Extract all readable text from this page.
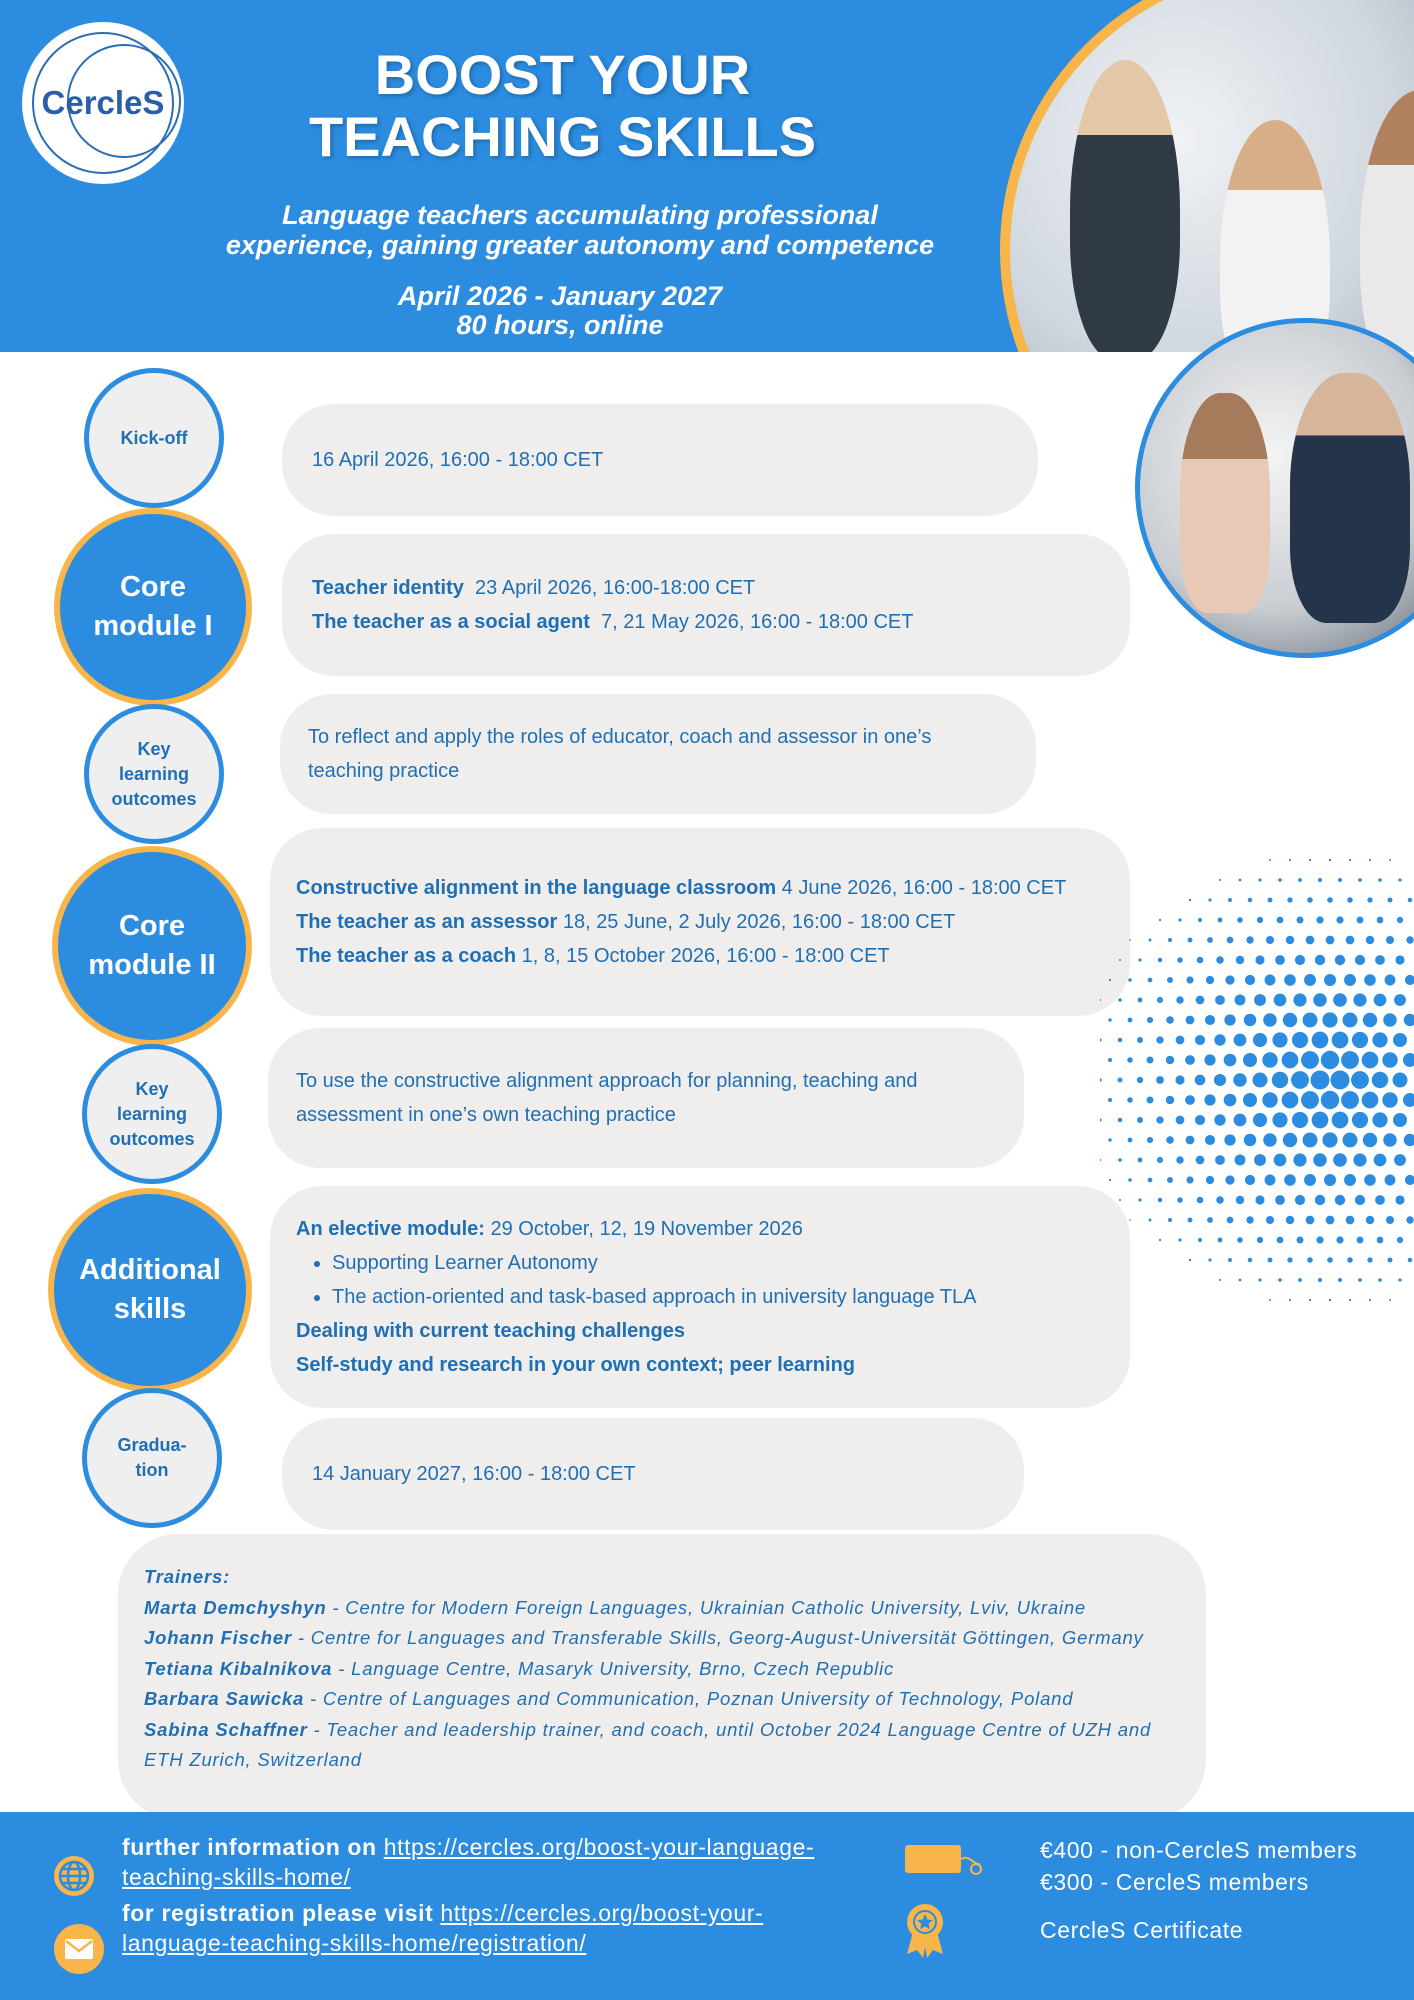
CercleS	BOOST YOUR
TEACHING SKILLS
Language teachers accumulating professional
experience, gaining greater autonomy and competence
April 2026 - January 2027
80 hours, online
Kick-off
16 April 2026, 16:00 - 18:00 CET
Core
module I
Teacher identity 23 April 2026, 16:00-18:00 CET
The teacher as a social agent 7, 21 May 2026, 16:00 - 18:00 CET
Key
learning
outcomes
To reflect and apply the roles of educator, coach and assessor in one’s teaching practice
Core
module II
Constructive alignment in the language classroom 4 June 2026, 16:00 - 18:00 CET
The teacher as an assessor 18, 25 June, 2 July 2026, 16:00 - 18:00 CET
The teacher as a coach 1, 8, 15 October 2026, 16:00 - 18:00 CET
Key
learning
outcomes
To use the constructive alignment approach for planning, teaching and assessment in one’s own teaching practice
Additional
skills
An elective module: 29 October, 12, 19 November 2026
• Supporting Learner Autonomy
• The action-oriented and task-based approach in university language TLA
Dealing with current teaching challenges
Self-study and research in your own context; peer learning
Gradua-
tion	14 January 2027, 16:00 - 18:00 CET
Trainers:
Marta Demchyshyn - Centre for Modern Foreign Languages, Ukrainian Catholic University, Lviv, Ukraine
Johann Fischer - Centre for Languages and Transferable Skills, Georg-August-Universität Göttingen, Germany
Tetiana Kibalnikova - Language Centre, Masaryk University, Brno, Czech Republic
Barbara Sawicka - Centre of Languages and Communication, Poznan University of Technology, Poland
Sabina Schaffner - Teacher and leadership trainer, and coach, until October 2024 Language Centre of UZH and ETH Zurich, Switzerland
further information on https://cercles.org/boost-your-language-
teaching-skills-home/
for registration please visit https://cercles.org/boost-your-
language-teaching-skills-home/registration/
€400 - non-CercleS members
€300 - CercleS members
CercleS Certificate
